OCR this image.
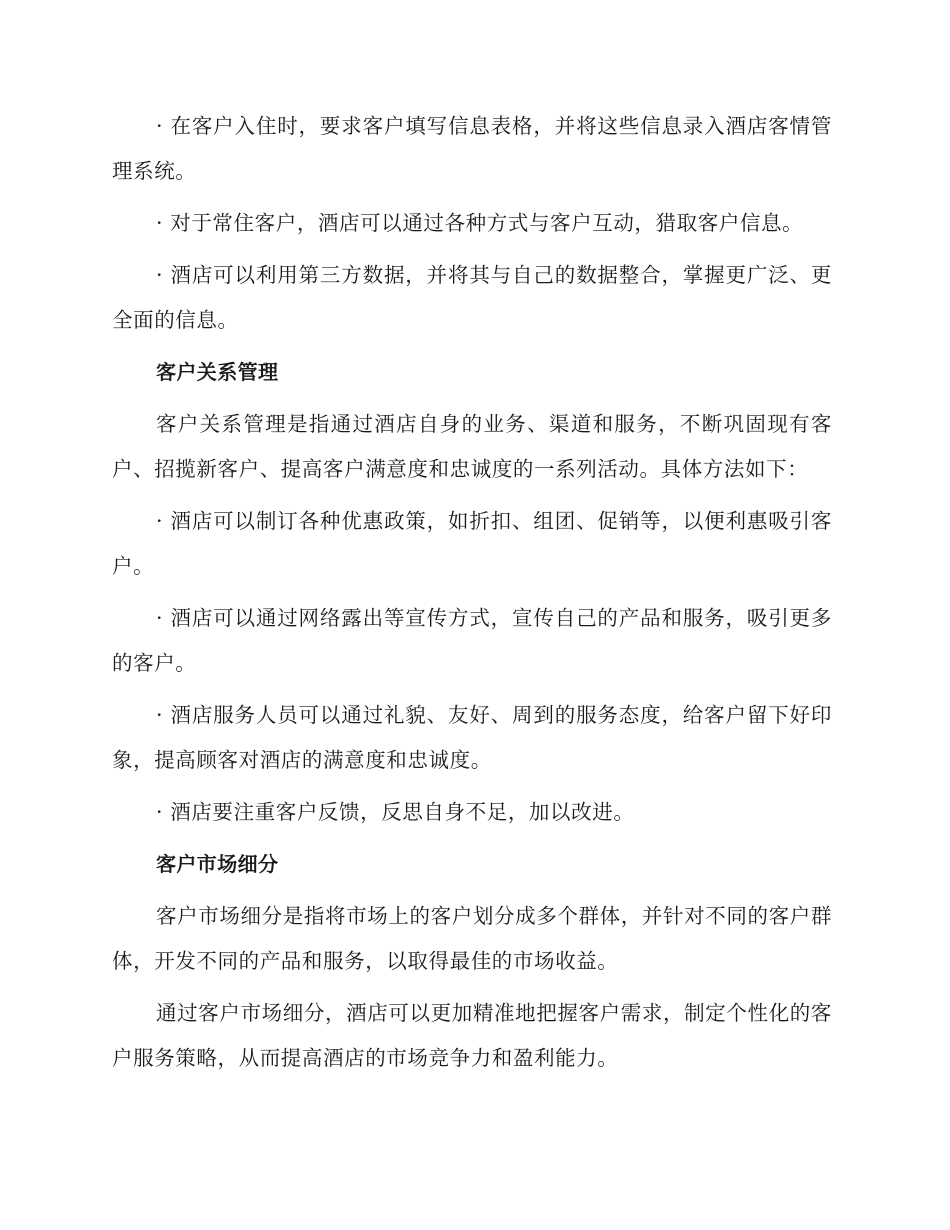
· 在客户入住时，要求客户填写信息表格，并将这些信息录入酒店客情管理系统。

· 对于常住客户，酒店可以通过各种方式与客户互动，猎取客户信息。

· 酒店可以利用第三方数据，并将其与自己的数据整合，掌握更广泛、更全面的信息。

客户关系管理

客户关系管理是指通过酒店自身的业务、渠道和服务，不断巩固现有客户、招揽新客户、提高客户满意度和忠诚度的一系列活动。具体方法如下：

· 酒店可以制订各种优惠政策，如折扣、组团、促销等，以便利惠吸引客户。

· 酒店可以通过网络露出等宣传方式，宣传自己的产品和服务，吸引更多的客户。

· 酒店服务人员可以通过礼貌、友好、周到的服务态度，给客户留下好印象，提高顾客对酒店的满意度和忠诚度。

· 酒店要注重客户反馈，反思自身不足，加以改进。

客户市场细分

客户市场细分是指将市场上的客户划分成多个群体，并针对不同的客户群体，开发不同的产品和服务，以取得最佳的市场收益。

通过客户市场细分，酒店可以更加精准地把握客户需求，制定个性化的客户服务策略，从而提高酒店的市场竞争力和盈利能力。
